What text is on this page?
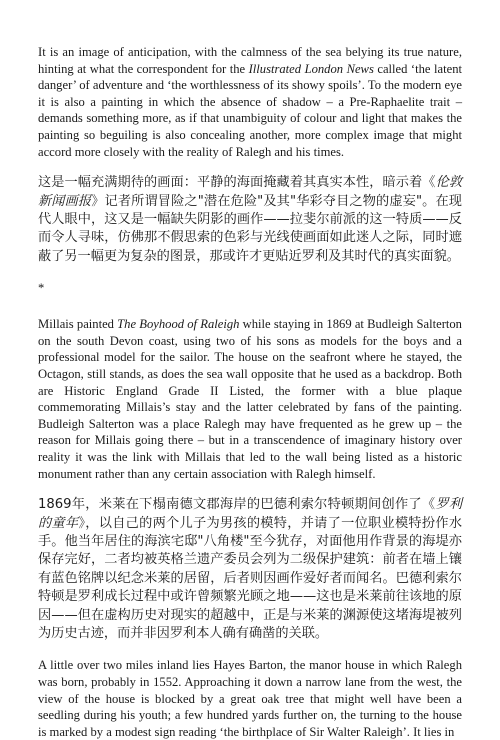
It is an image of anticipation, with the calmness of the sea belying its true nature, hinting at what the correspondent for the Illustrated London News called ‘the latent danger’ of adventure and ‘the worthlessness of its showy spoils’. To the modern eye it is also a painting in which the absence of shadow – a Pre-Raphaelite trait – demands something more, as if that unambiguity of colour and light that makes the painting so beguiling is also concealing another, more complex image that might accord more closely with the reality of Ralegh and his times.

这是一幅充满期待的画面：平静的海面掩藏着其真实本性，暗示着《伦敦新闻画报》记者所谓冒险之"潜在危险"及其"华彩夺目之物的虚妄"。在现代人眼中，这又是一幅缺失阴影的画作——拉斐尔前派的这一特质——反而令人寻味，仿佛那不假思索的色彩与光线使画面如此迷人之际，同时遮蔽了另一幅更为复杂的图景，那或许才更贴近罗利及其时代的真实面貌。

*

Millais painted The Boyhood of Raleigh while staying in 1869 at Budleigh Salterton on the south Devon coast, using two of his sons as models for the boys and a professional model for the sailor. The house on the seafront where he stayed, the Octagon, still stands, as does the sea wall opposite that he used as a backdrop. Both are Historic England Grade II Listed, the former with a blue plaque commemorating Millais’s stay and the latter celebrated by fans of the painting. Budleigh Salterton was a place Ralegh may have frequented as he grew up – the reason for Millais going there – but in a transcendence of imaginary history over reality it was the link with Millais that led to the wall being listed as a historic monument rather than any certain association with Ralegh himself.

1869年，米莱在下榻南德文郡海岸的巴德利索尔特顿期间创作了《罗利的童年》，以自己的两个儿子为男孩的模特，并请了一位职业模特扮作水手。他当年居住的海滨宅邸"八角楼"至今犹存，对面他用作背景的海堤亦保存完好，二者均被英格兰遗产委员会列为二级保护建筑：前者在墙上镶有蓝色铭牌以纪念米莱的居留，后者则因画作爱好者而闻名。巴德利索尔特顿是罗利成长过程中或许曾频繁光顾之地——这也是米莱前往该地的原因——但在虚构历史对现实的超越中，正是与米莱的渊源使这堵海堤被列为历史古迹，而并非因罗利本人确有确凿的关联。

A little over two miles inland lies Hayes Barton, the manor house in which Ralegh was born, probably in 1552. Approaching it down a narrow lane from the west, the view of the house is blocked by a great oak tree that might well have been a seedling during his youth; a few hundred yards further on, the turning to the house is marked by a modest sign reading ‘the birthplace of Sir Walter Raleigh’. It lies in
